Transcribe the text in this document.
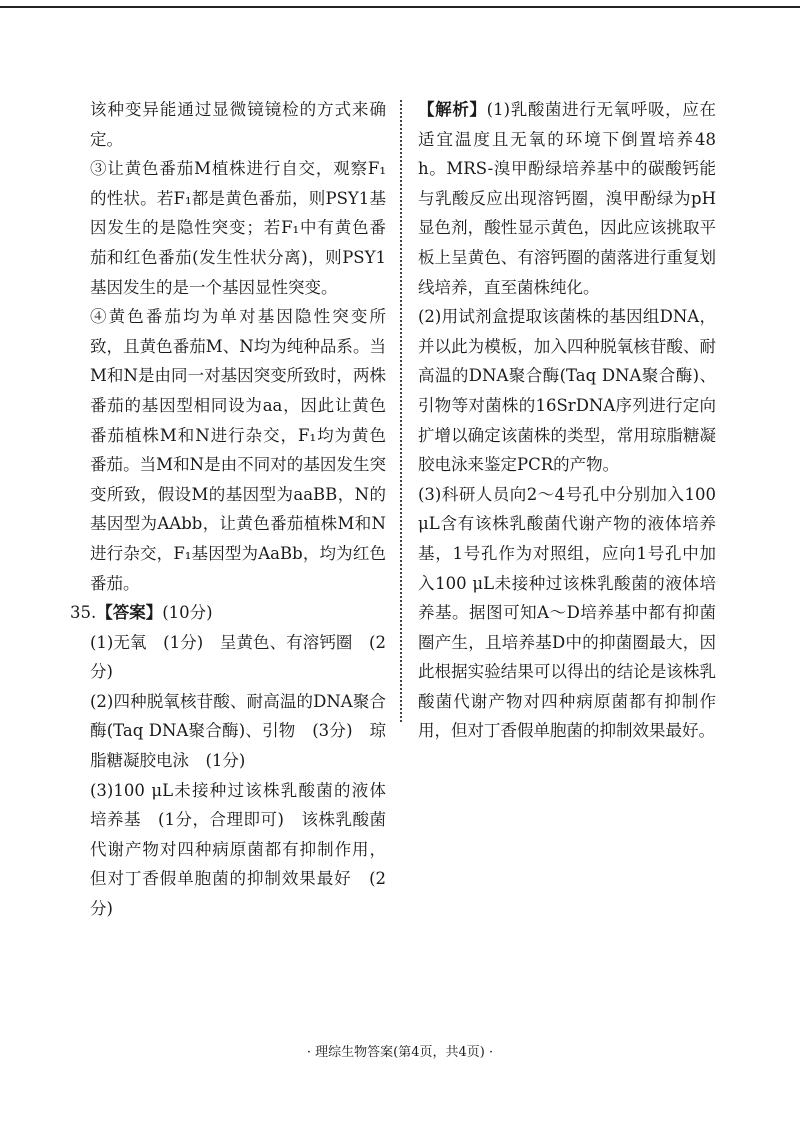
该种变异能通过显微镜镜检的方式来确定。

③让黄色番茄M植株进行自交，观察F₁的性状。若F₁都是黄色番茄，则PSY1基因发生的是隐性突变；若F₁中有黄色番茄和红色番茄(发生性状分离)，则PSY1基因发生的是一个基因显性突变。

④黄色番茄均为单对基因隐性突变所致，且黄色番茄M、N均为纯种品系。当M和N是由同一对基因突变所致时，两株番茄的基因型相同设为aa，因此让黄色番茄植株M和N进行杂交，F₁均为黄色番茄。当M和N是由不同对的基因发生突变所致，假设M的基因型为aaBB，N的基因型为AAbb，让黄色番茄植株M和N进行杂交，F₁基因型为AaBb，均为红色番茄。

35.【答案】(10分)

(1)无氧　(1分)　呈黄色、有溶钙圈　(2分)

(2)四种脱氧核苷酸、耐高温的DNA聚合酶(Taq DNA聚合酶)、引物　(3分)　琼脂糖凝胶电泳　(1分)

(3)100 μL未接种过该株乳酸菌的液体培养基　(1分，合理即可)　该株乳酸菌代谢产物对四种病原菌都有抑制作用，但对丁香假单胞菌的抑制效果最好　(2分)

【解析】(1)乳酸菌进行无氧呼吸，应在适宜温度且无氧的环境下倒置培养48 h。MRS-溴甲酚绿培养基中的碳酸钙能与乳酸反应出现溶钙圈，溴甲酚绿为pH显色剂，酸性显示黄色，因此应该挑取平板上呈黄色、有溶钙圈的菌落进行重复划线培养，直至菌株纯化。

(2)用试剂盒提取该菌株的基因组DNA，并以此为模板，加入四种脱氧核苷酸、耐高温的DNA聚合酶(Taq DNA聚合酶)、引物等对菌株的16SrDNA序列进行定向扩增以确定该菌株的类型，常用琼脂糖凝胶电泳来鉴定PCR的产物。

(3)科研人员向2～4号孔中分别加入100 μL含有该株乳酸菌代谢产物的液体培养基，1号孔作为对照组，应向1号孔中加入100 μL未接种过该株乳酸菌的液体培养基。据图可知A～D培养基中都有抑菌圈产生，且培养基D中的抑菌圈最大，因此根据实验结果可以得出的结论是该株乳酸菌代谢产物对四种病原菌都有抑制作用，但对丁香假单胞菌的抑制效果最好。

· 理综生物答案(第4页，共4页) ·
